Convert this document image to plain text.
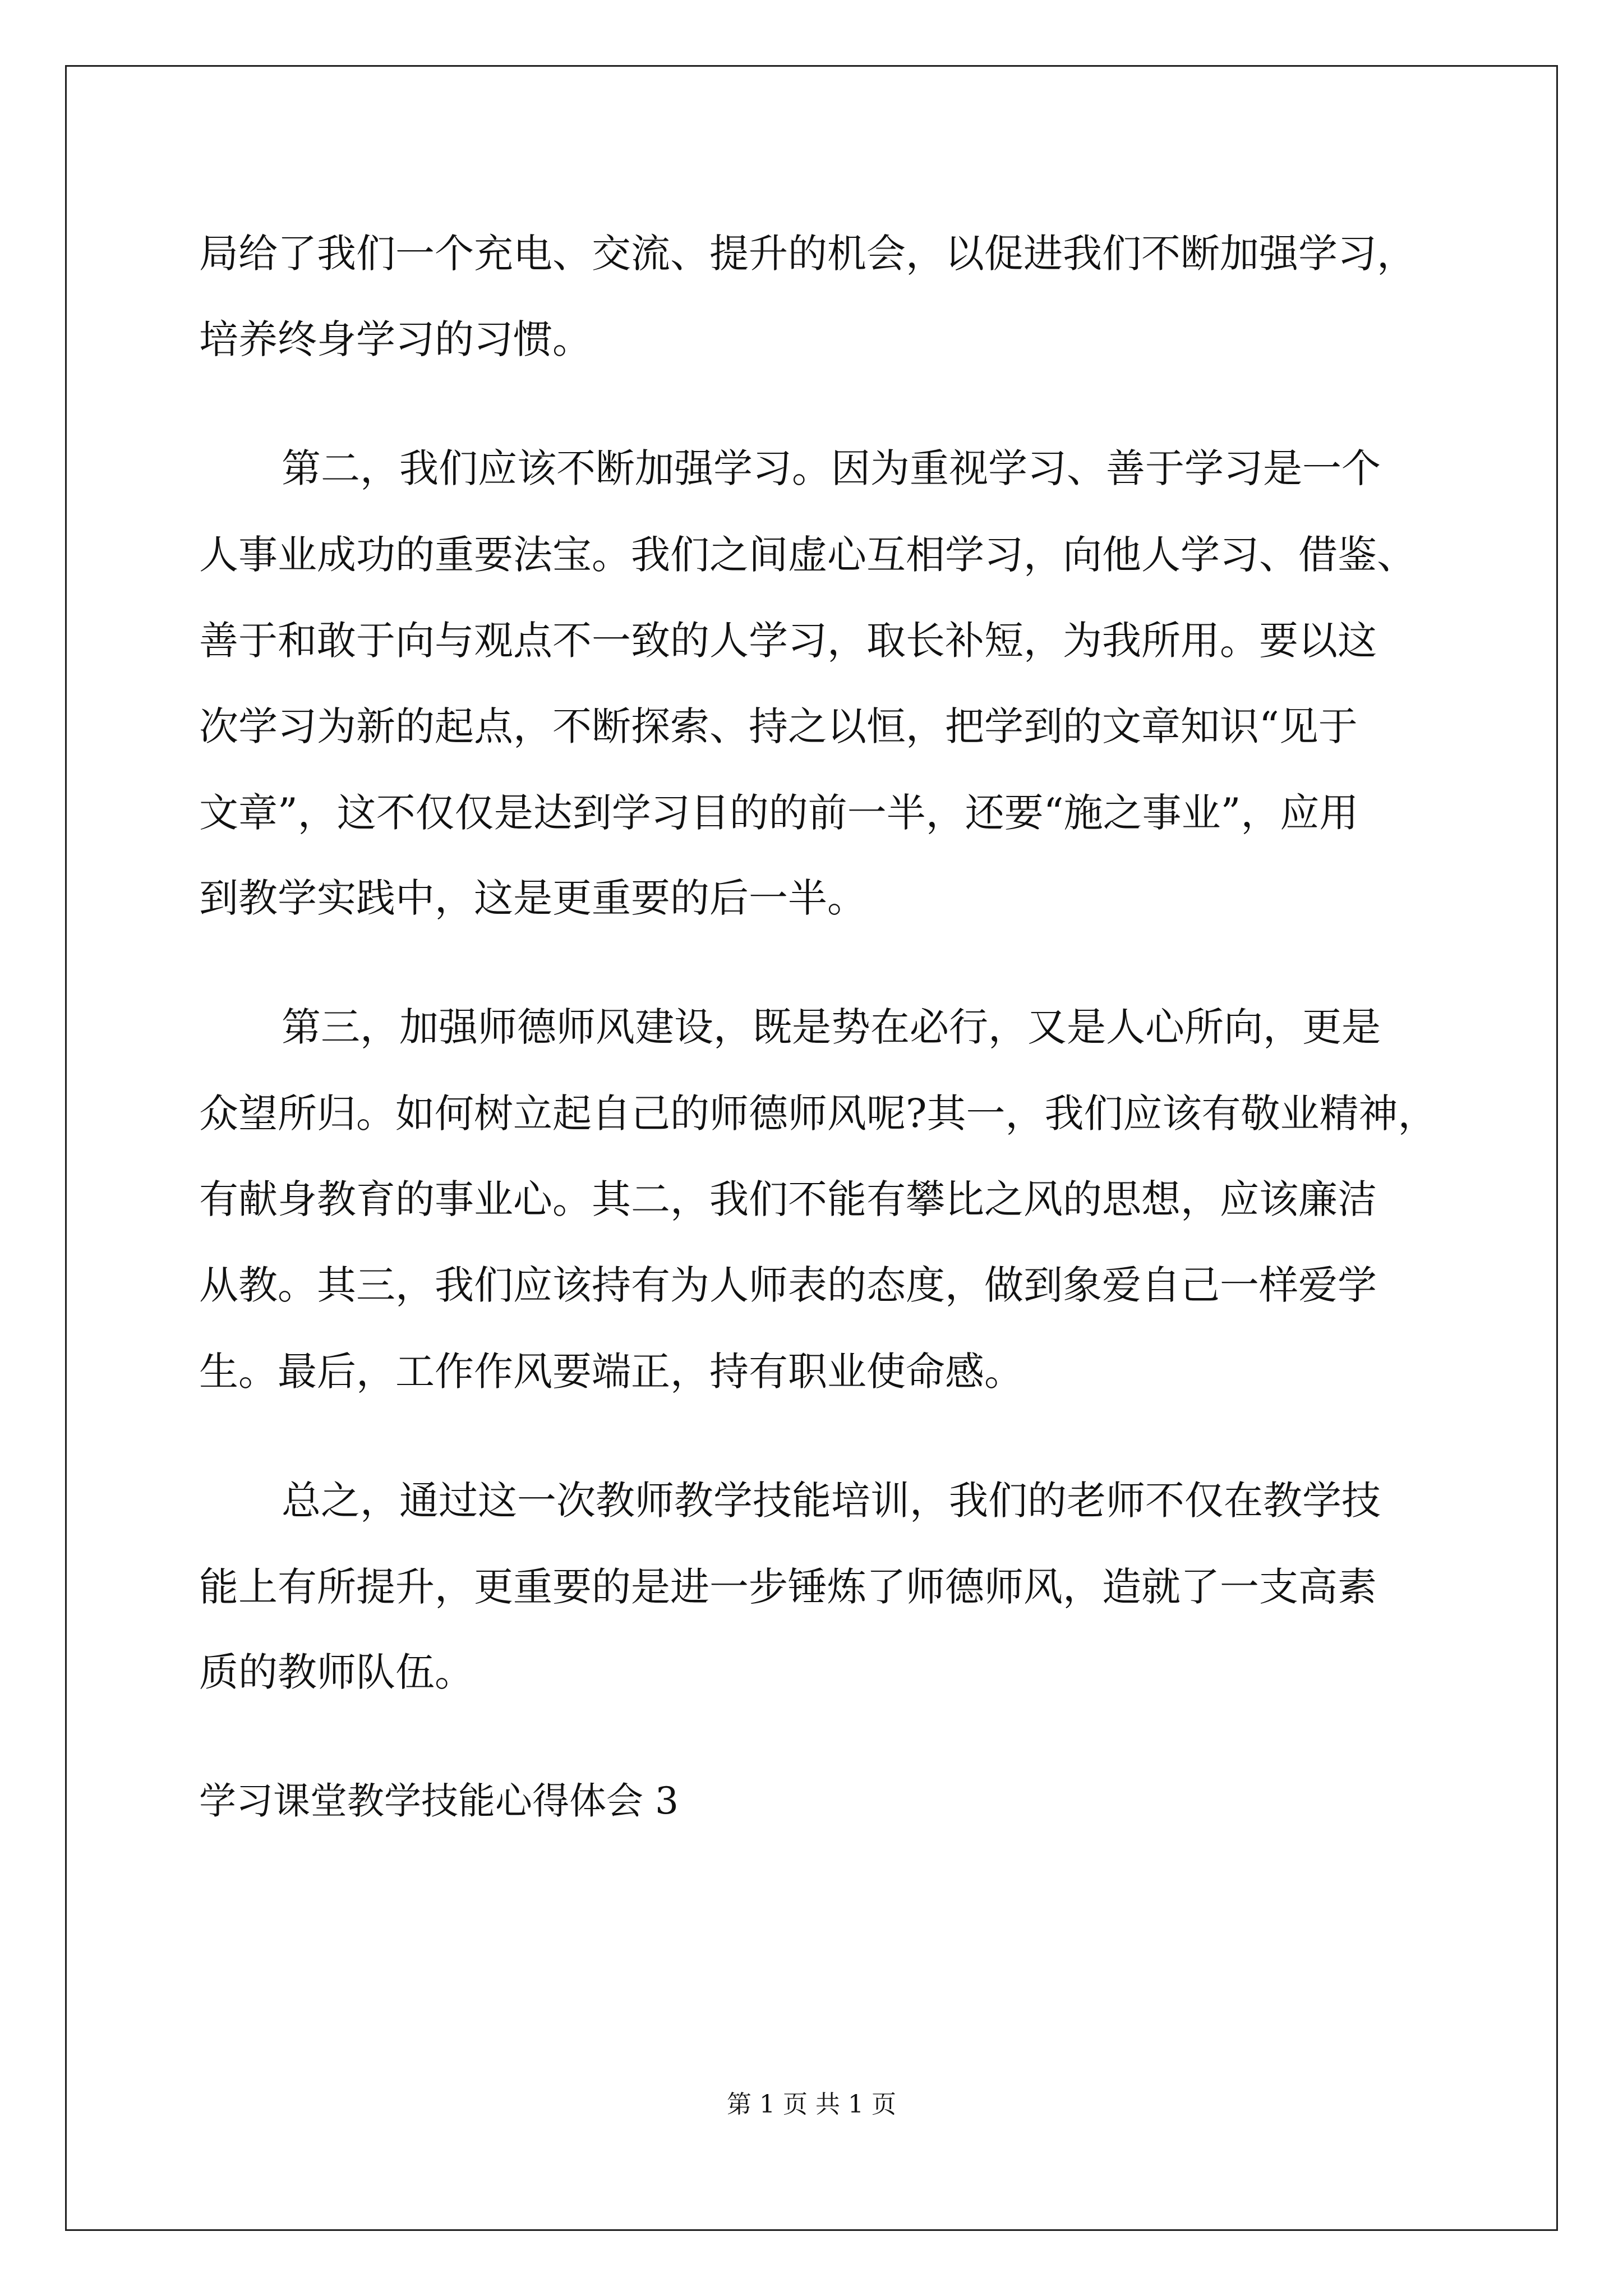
局给了我们一个充电、交流、提升的机会，以促进我们不断加强学习，
培养终身学习的习惯。
第二，我们应该不断加强学习。因为重视学习、善于学习是一个
人事业成功的重要法宝。我们之间虚心互相学习，向他人学习、借鉴、
善于和敢于向与观点不一致的人学习，取长补短，为我所用。要以这
次学习为新的起点，不断探索、持之以恒，把学到的文章知识“见于
文章”，这不仅仅是达到学习目的的前一半，还要“施之事业”，应用
到教学实践中，这是更重要的后一半。
第三，加强师德师风建设，既是势在必行，又是人心所向，更是
众望所归。如何树立起自己的师德师风呢?其一，我们应该有敬业精神，
有献身教育的事业心。其二，我们不能有攀比之风的思想，应该廉洁
从教。其三，我们应该持有为人师表的态度，做到象爱自己一样爱学
生。最后，工作作风要端正，持有职业使命感。
总之，通过这一次教师教学技能培训，我们的老师不仅在教学技
能上有所提升，更重要的是进一步锤炼了师德师风，造就了一支高素
质的教师队伍。
学习课堂教学技能心得体会 3
第 1 页 共 1 页
